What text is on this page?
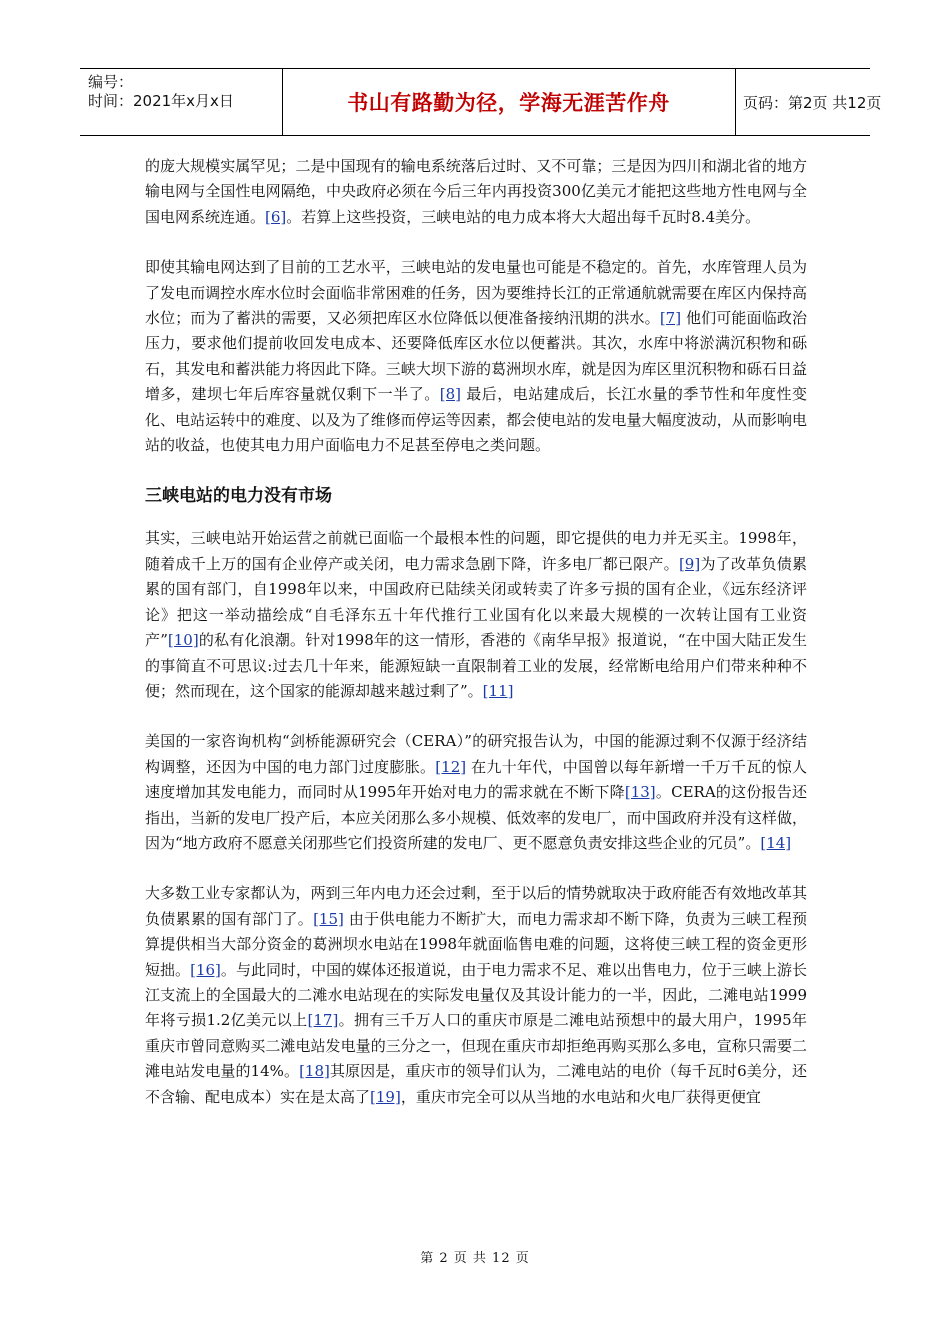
编号：
时间：2021年x月x日	书山有路勤为径，学海无涯苦作舟	页码：第2页 共12页

的庞大规模实属罕见；二是中国现有的输电系统落后过时、又不可靠；三是因为四川和湖北省的地方输电网与全国性电网隔绝，中央政府必须在今后三年内再投资300亿美元才能把这些地方性电网与全国电网系统连通。[6]。若算上这些投资，三峡电站的电力成本将大大超出每千瓦时8.4美分。

即使其输电网达到了目前的工艺水平，三峡电站的发电量也可能是不稳定的。首先，水库管理人员为了发电而调控水库水位时会面临非常困难的任务，因为要维持长江的正常通航就需要在库区内保持高水位；而为了蓄洪的需要，又必须把库区水位降低以便准备接纳汛期的洪水。[7] 他们可能面临政治压力，要求他们提前收回发电成本、还要降低库区水位以便蓄洪。其次，水库中将淤满沉积物和砾石，其发电和蓄洪能力将因此下降。三峡大坝下游的葛洲坝水库，就是因为库区里沉积物和砾石日益增多，建坝七年后库容量就仅剩下一半了。[8] 最后，电站建成后，长江水量的季节性和年度性变化、电站运转中的难度、以及为了维修而停运等因素，都会使电站的发电量大幅度波动，从而影响电站的收益，也使其电力用户面临电力不足甚至停电之类问题。

三峡电站的电力没有市场

其实，三峡电站开始运营之前就已面临一个最根本性的问题，即它提供的电力并无买主。1998年，随着成千上万的国有企业停产或关闭，电力需求急剧下降，许多电厂都已限产。[9]为了改革负债累累的国有部门，自1998年以来，中国政府已陆续关闭或转卖了许多亏损的国有企业，《远东经济评论》把这一举动描绘成“自毛泽东五十年代推行工业国有化以来最大规模的一次转让国有工业资产”[10]的私有化浪潮。针对1998年的这一情形，香港的《南华早报》报道说，“在中国大陆正发生的事简直不可思议:过去几十年来，能源短缺一直限制着工业的发展，经常断电给用户们带来种种不便；然而现在，这个国家的能源却越来越过剩了”。[11]

美国的一家咨询机构“剑桥能源研究会（CERA）”的研究报告认为，中国的能源过剩不仅源于经济结构调整，还因为中国的电力部门过度膨胀。[12] 在九十年代，中国曾以每年新增一千万千瓦的惊人速度增加其发电能力，而同时从1995年开始对电力的需求就在不断下降[13]。CERA的这份报告还指出，当新的发电厂投产后，本应关闭那么多小规模、低效率的发电厂，而中国政府并没有这样做，因为“地方政府不愿意关闭那些它们投资所建的发电厂、更不愿意负责安排这些企业的冗员”。[14]

大多数工业专家都认为，两到三年内电力还会过剩，至于以后的情势就取决于政府能否有效地改革其负债累累的国有部门了。[15] 由于供电能力不断扩大，而电力需求却不断下降，负责为三峡工程预算提供相当大部分资金的葛洲坝水电站在1998年就面临售电难的问题，这将使三峡工程的资金更形短拙。[16]。与此同时，中国的媒体还报道说，由于电力需求不足、难以出售电力，位于三峡上游长江支流上的全国最大的二滩水电站现在的实际发电量仅及其设计能力的一半，因此，二滩电站1999年将亏损1.2亿美元以上[17]。拥有三千万人口的重庆市原是二滩电站预想中的最大用户，1995年重庆市曾同意购买二滩电站发电量的三分之一，但现在重庆市却拒绝再购买那么多电，宣称只需要二滩电站发电量的14%。[18]其原因是，重庆市的领导们认为，二滩电站的电价（每千瓦时6美分，还不含输、配电成本）实在是太高了[19]，重庆市完全可以从当地的水电站和火电厂获得更便宜

第 2 页 共 12 页
